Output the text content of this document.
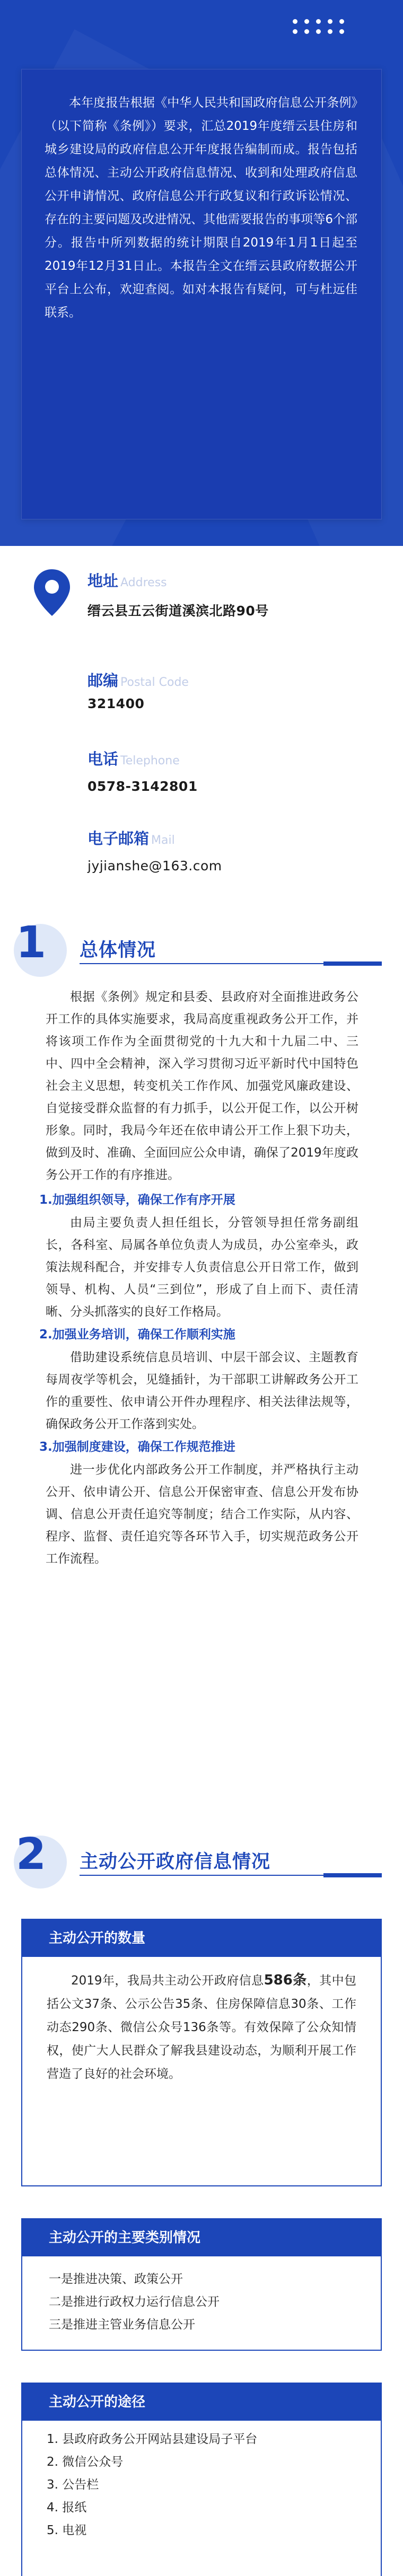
本年度报告根据《中华人民共和国政府信息公开条例》（以下简称《条例》）要求，汇总2019年度缙云县住房和城乡建设局的政府信息公开年度报告编制而成。报告包括总体情况、主动公开政府信息情况、收到和处理政府信息公开申请情况、政府信息公开行政复议和行政诉讼情况、存在的主要问题及改进情况、其他需要报告的事项等6个部分。报告中所列数据的统计期限自2019年1月1日起至2019年12月31日止。本报告全文在缙云县政府数据公开平台上公布，欢迎查阅。如对本报告有疑问，可与杜远佳联系。

地址 Address
缙云县五云街道溪滨北路90号
邮编 Postal Code
321400
电话 Telephone
0578-3142801
电子邮箱 Mail
jyjianshe@163.com
1 总体情况

根据《条例》规定和县委、县政府对全面推进政务公开工作的具体实施要求，我局高度重视政务公开工作，并将该项工作作为全面贯彻党的十九大和十九届二中、三中、四中全会精神，深入学习贯彻习近平新时代中国特色社会主义思想，转变机关工作作风、加强党风廉政建设、自觉接受群众监督的有力抓手，以公开促工作，以公开树形象。同时，我局今年还在依申请公开工作上狠下功夫，做到及时、准确、全面回应公众申请，确保了2019年度政务公开工作的有序推进。

1.加强组织领导，确保工作有序开展

由局主要负责人担任组长，分管领导担任常务副组长，各科室、局属各单位负责人为成员，办公室牵头，政策法规科配合，并安排专人负责信息公开日常工作，做到领导、机构、人员“三到位”，形成了自上而下、责任清晰、分头抓落实的良好工作格局。

2.加强业务培训，确保工作顺利实施

借助建设系统信息员培训、中层干部会议、主题教育每周夜学等机会，见缝插针，为干部职工讲解政务公开工作的重要性、依申请公开件办理程序、相关法律法规等，确保政务公开工作落到实处。

3.加强制度建设，确保工作规范推进

进一步优化内部政务公开工作制度，并严格执行主动公开、依申请公开、信息公开保密审查、信息公开发布协调、信息公开责任追究等制度；结合工作实际，从内容、程序、监督、责任追究等各环节入手，切实规范政务公开工作流程。

2 主动公开政府信息情况
主动公开的数量

2019年，我局共主动公开政府信息586条，其中包括公文37条、公示公告35条、住房保障信息30条、工作动态290条、微信公众号136条等。有效保障了公众知情权，使广大人民群众了解我县建设动态，为顺利开展工作营造了良好的社会环境。

主动公开的主要类别情况
一是推进决策、政策公开
二是推进行政权力运行信息公开
三是推进主管业务信息公开
主动公开的途径
1. 县政府政务公开网站县建设局子平台
2. 微信公众号
3. 公告栏
4. 报纸
5. 电视
